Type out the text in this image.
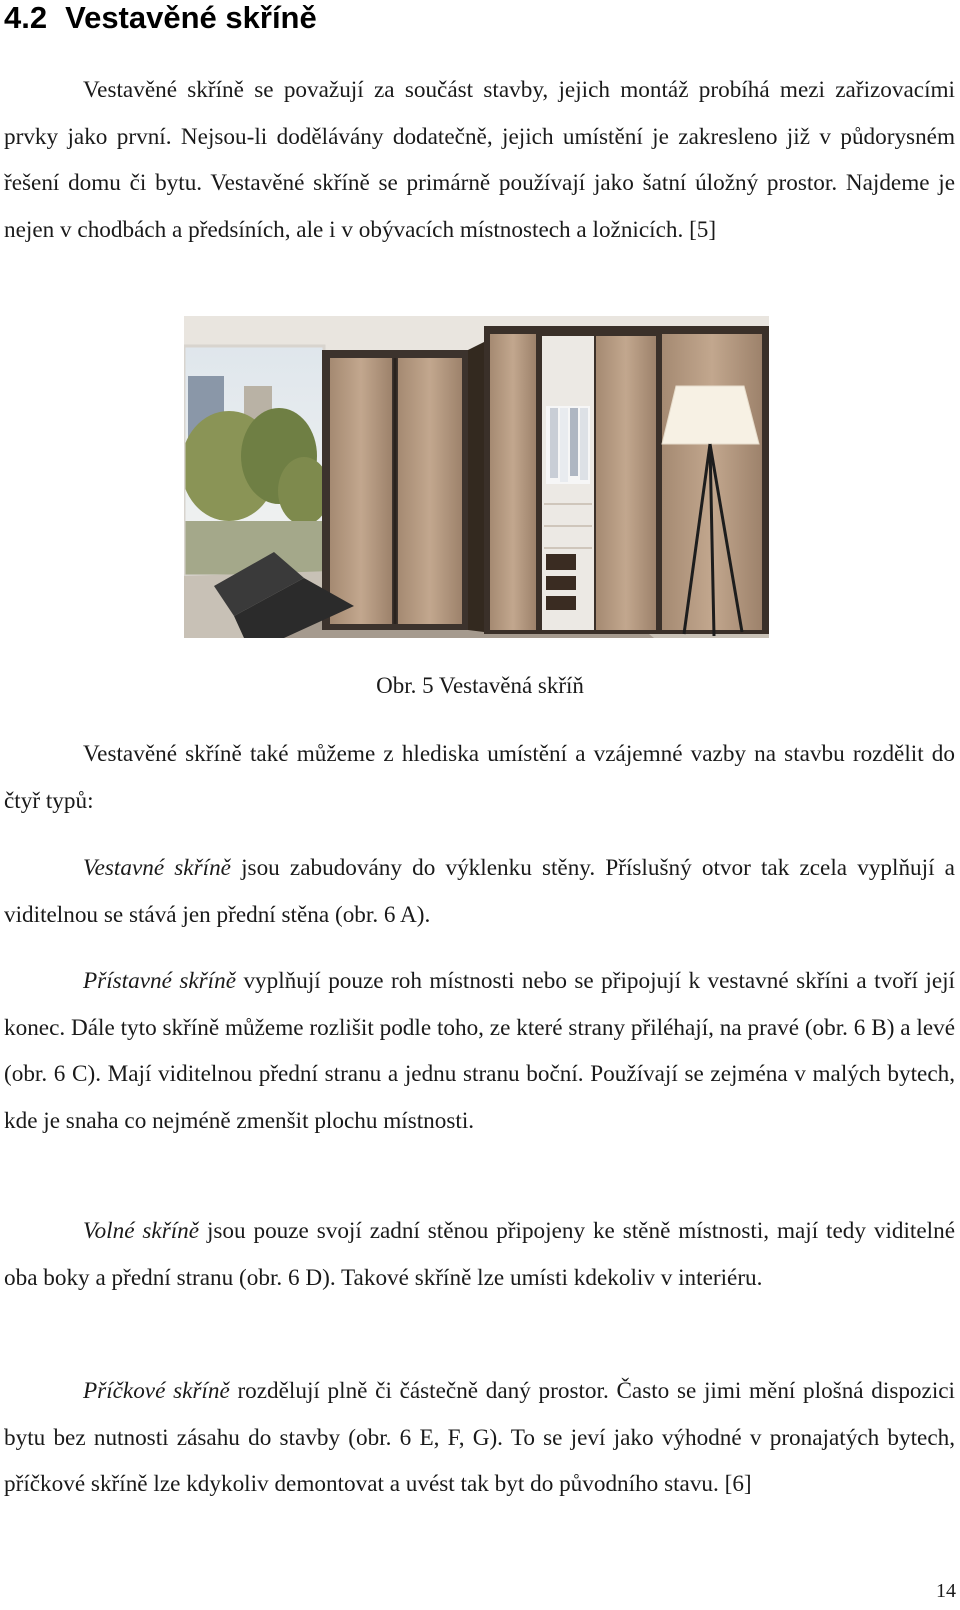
4.2 Vestavěné skříně

Vestavěné skříně se považují za součást stavby, jejich montáž probíhá mezi zařizovacími prvky jako první. Nejsou-li dodělávány dodatečně, jejich umístění je zakresleno již v půdorysném řešení domu či bytu. Vestavěné skříně se primárně používají jako šatní úložný prostor. Najdeme je nejen v chodbách a předsíních, ale i v obývacích místnostech a ložnicích. [5]

Obr. 5 Vestavěná skříň

Vestavěné skříně také můžeme z hlediska umístění a vzájemné vazby na stavbu rozdělit do čtyř typů:

Vestavné skříně jsou zabudovány do výklenku stěny. Příslušný otvor tak zcela vyplňují a viditelnou se stává jen přední stěna (obr. 6 A).

Přístavné skříně vyplňují pouze roh místnosti nebo se připojují k vestavné skříni a tvoří její konec. Dále tyto skříně můžeme rozlišit podle toho, ze které strany přiléhají, na pravé (obr. 6 B) a levé (obr. 6 C). Mají viditelnou přední stranu a jednu stranu boční. Používají se zejména v malých bytech, kde je snaha co nejméně zmenšit plochu místnosti.

Volné skříně jsou pouze svojí zadní stěnou připojeny ke stěně místnosti, mají tedy viditelné oba boky a přední stranu (obr. 6 D). Takové skříně lze umísti kdekoliv v interiéru.

Příčkové skříně rozdělují plně či částečně daný prostor. Často se jimi mění plošná dispozici bytu bez nutnosti zásahu do stavby (obr. 6 E, F, G). To se jeví jako výhodné v pronajatých bytech, příčkové skříně lze kdykoliv demontovat a uvést tak byt do původního stavu. [6]

14
